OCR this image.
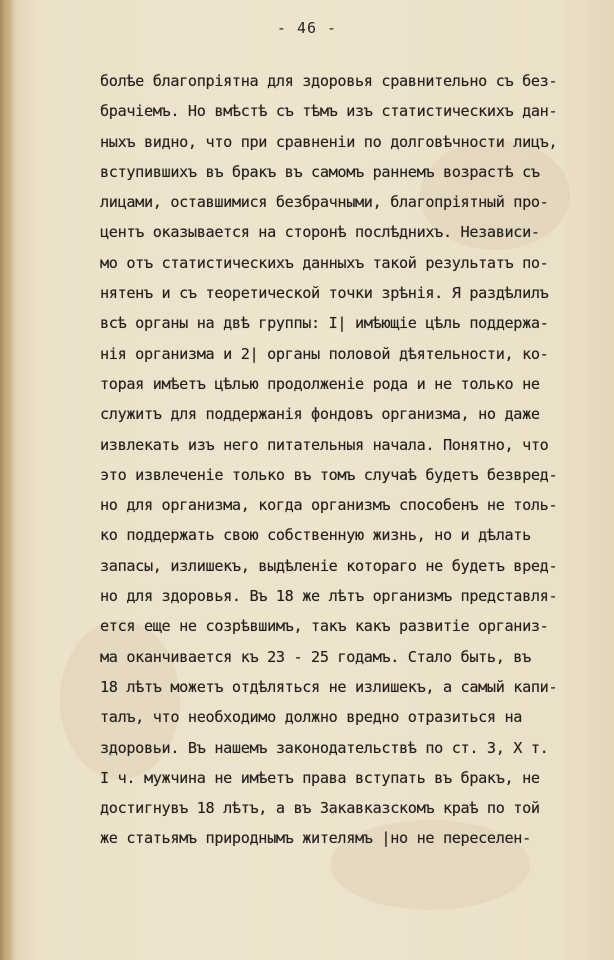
- 46 -
болѣе благопріятна для здоровья сравнительно съ без-
брачіемъ. Но вмѣстѣ съ тѣмъ изъ статистическихъ дан-
ныхъ видно, что при сравненіи по долговѣчности лицъ,
вступившихъ въ бракъ въ самомъ раннемъ возрастѣ съ
лицами, оставшимися безбрачными, благопріятный про-
центъ оказывается на сторонѣ послѣднихъ. Независи-
мо отъ статистическихъ данныхъ такой результатъ по-
нятенъ и съ теоретической точки зрѣнія. Я раздѣлилъ
всѣ органы на двѣ группы: I| имѣющіе цѣль поддержа-
нія организма и 2| органы половой дѣятельности, ко-
торая имѣетъ цѣлью продолженіе рода и не только не
служитъ для поддержанія фондовъ организма, но даже
извлекать изъ него питательныя начала. Понятно, что
это извлеченіе только въ томъ случаѣ будетъ безвред-
но для организма, когда организмъ способенъ не толь-
ко поддержать свою собственную жизнь, но и дѣлать
запасы, излишекъ, выдѣленіе котораго не будетъ вред-
но для здоровья. Въ 18 же лѣтъ организмъ представля-
ется еще не созрѣвшимъ, такъ какъ развитіе организ-
ма оканчивается къ 23 - 25 годамъ. Стало быть, въ
18 лѣтъ можетъ отдѣляться не излишекъ, а самый капи-
талъ, что необходимо должно вредно отразиться на
здоровьи. Въ нашемъ законодательствѣ по ст. 3, X т.
I ч. мужчина не имѣетъ права вступать въ бракъ, не
достигнувъ 18 лѣтъ, а въ Закавказскомъ краѣ по той
же статьямъ природнымъ жителямъ |но не переселен-
